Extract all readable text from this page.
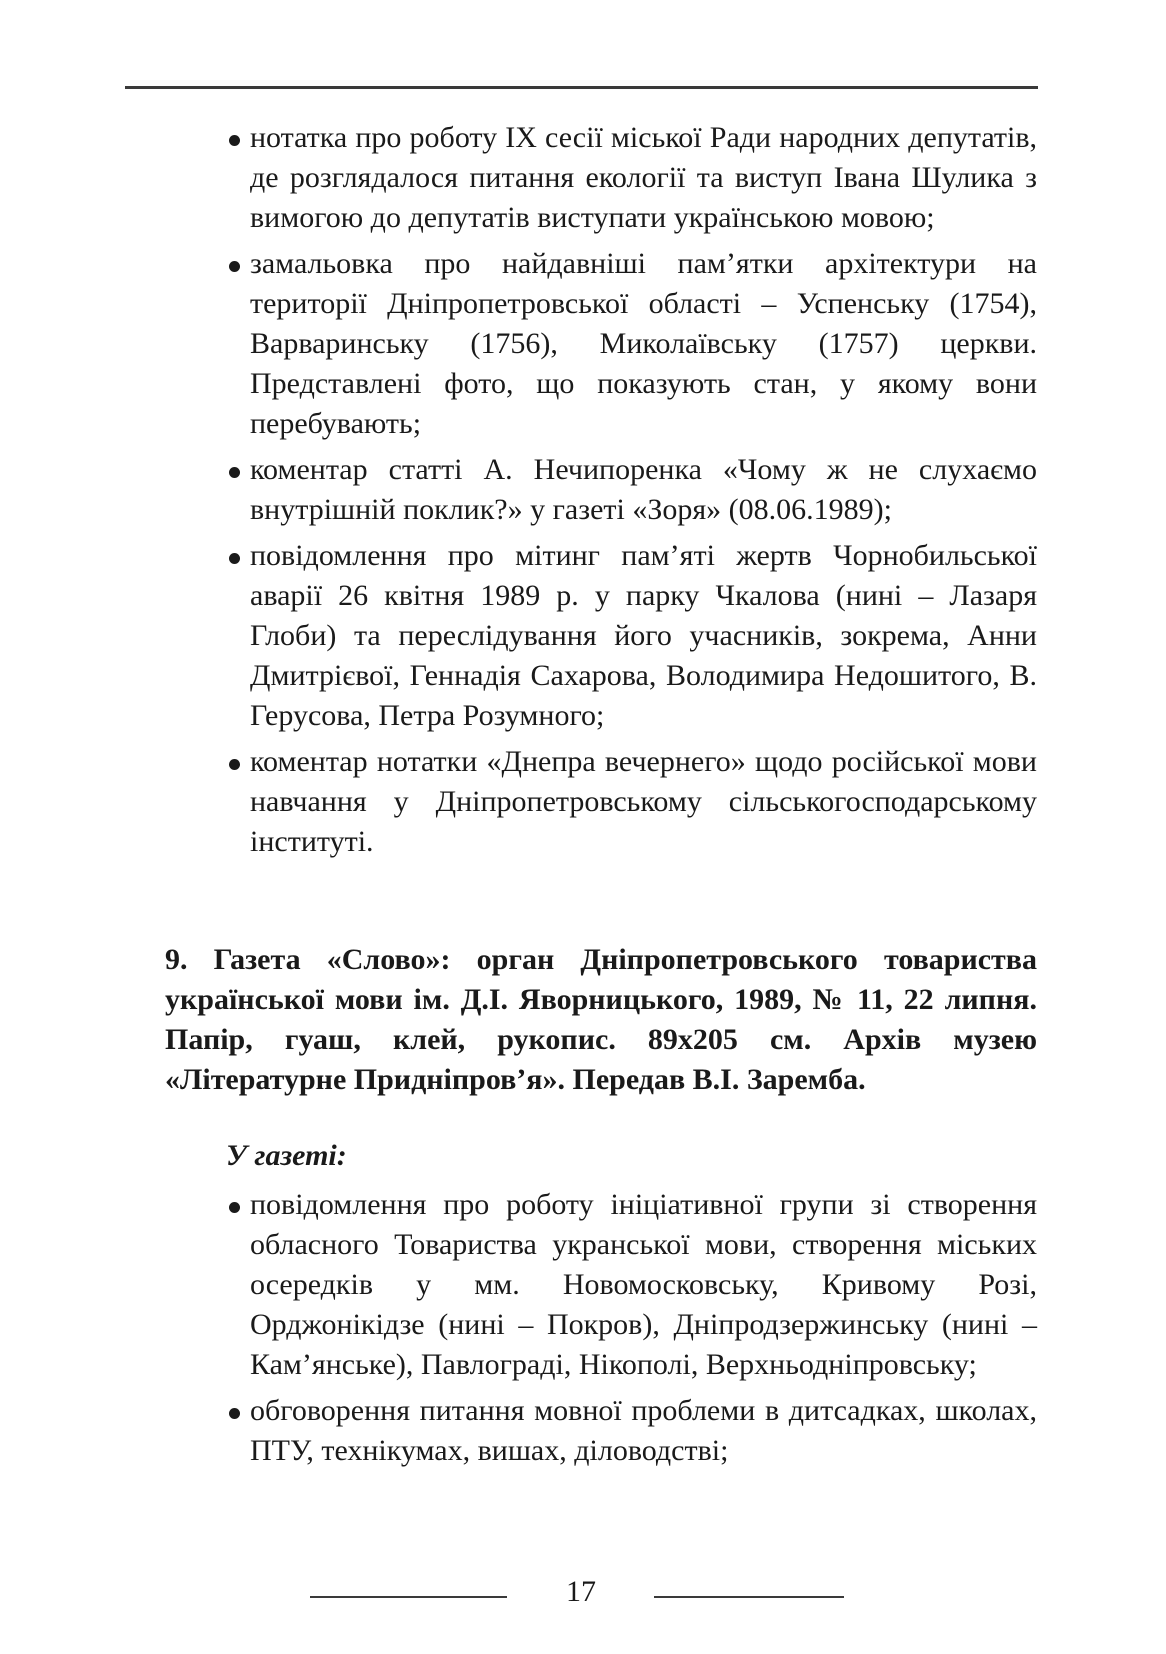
нотатка про роботу IX сесії міської Ради народних депутатів, де розглядалося питання екології та виступ Івана Шулика з вимогою до депутатів виступати українською мовою;
замальовка про найдавніші пам’ятки архітектури на території Дніпропетровської області – Успенську (1754), Варваринську (1756), Миколаївську (1757) церкви. Представлені фото, що показують стан, у якому вони перебувають;
коментар статті А. Нечипоренка «Чому ж не слухаємо внутрішній поклик?» у газеті «Зоря» (08.06.1989);
повідомлення про мітинг пам’яті жертв Чорнобильської аварії 26 квітня 1989 р. у парку Чкалова (нині – Лазаря Глоби) та переслідування його учасників, зокрема, Анни Дмитрієвої, Геннадія Сахарова, Володимира Недошитого, В. Герусова, Петра Розумного;
коментар нотатки «Днепра вечернего» щодо російської мови навчання у Дніпропетровському сільськогосподарському інституті.

9. Газета «Слово»: орган Дніпропетровського товариства української мови ім. Д.І. Яворницького, 1989, № 11, 22 липня. Папір, гуаш, клей, рукопис. 89х205 см. Архів музею «Літературне Придніпров’я». Передав В.І. Заремба.

У газеті:

повідомлення про роботу ініціативної групи зі створення обласного Товариства укранської мови, створення міських осередків у мм. Новомосковську, Кривому Розі, Орджонікідзе (нині – Покров), Дніпродзержинську (нині – Кам’янське), Павлограді, Нікополі, Верхньодніпровську;
обговорення питання мовної проблеми в дитсадках, школах, ПТУ, технікумах, вишах, діловодстві;
17
